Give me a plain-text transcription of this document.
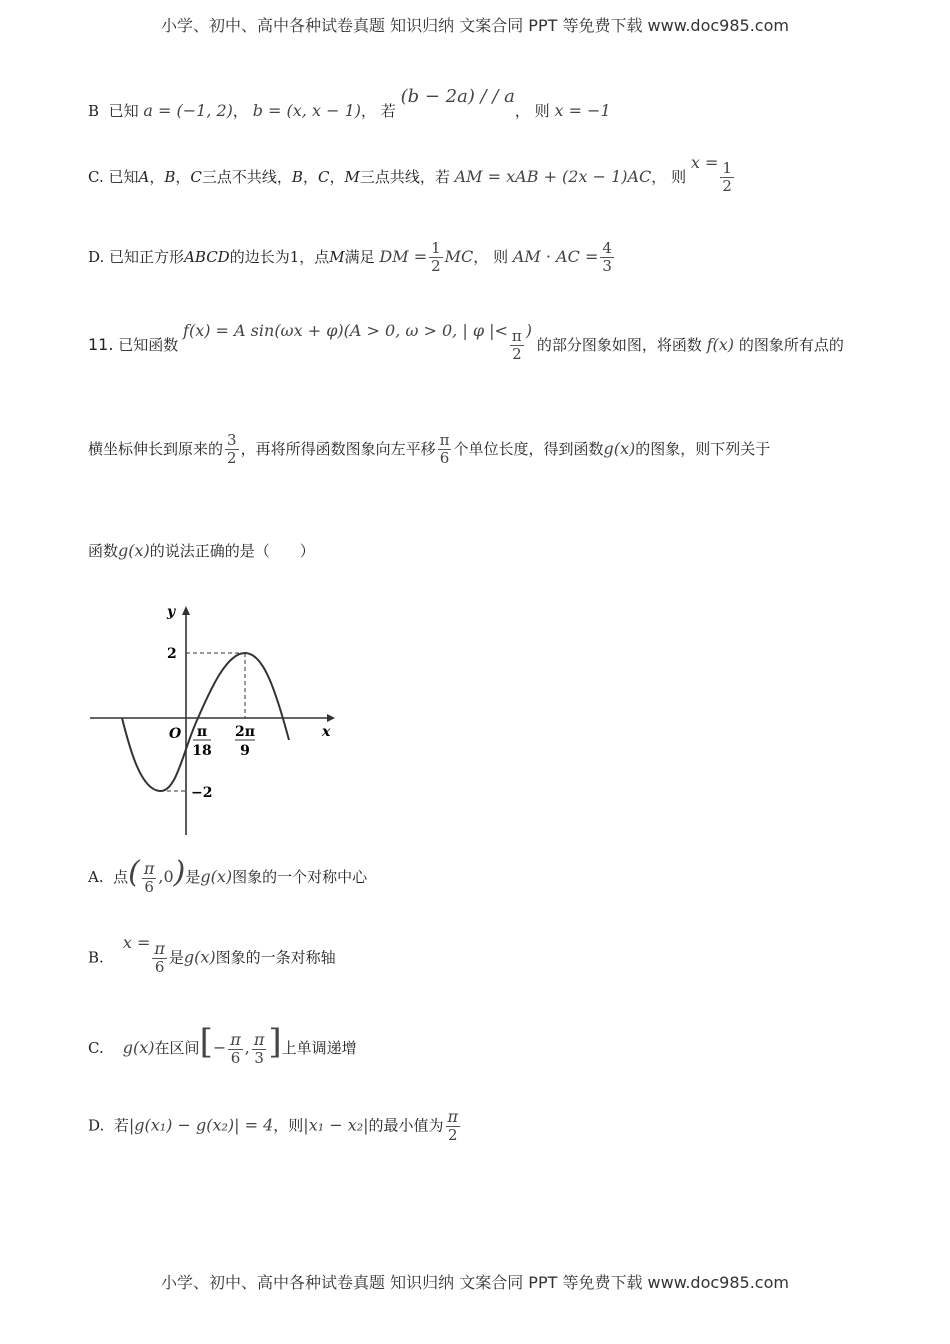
小学、初中、高中各种试卷真题 知识归纳 文案合同 PPT 等免费下载 www.doc985.com
B 已知 a = (−1, 2)， b = (x, x − 1)， 若 (b − 2a) / / a， 则 x = −1
C. 已知A，B，C三点不共线，B，C，M三点共线，若 AM = xAB + (2x − 1)AC， 则 $x = \frac{1}{2}$
D. 已知正方形ABCD的边长为1，点M满足 DM = $\frac{1}{2}$ MC， 则 AM · AC = $\frac{4}{3}$
11. 已知函数 f(x) = A sin(ωx + φ)(A > 0, ω > 0, | φ |< $\frac{\pi}{2}$ ) 的部分图象如图，将函数 f(x) 的图象所有点的
横坐标伸长到原来的 $\frac{3}{2}$ ，再将所得函数图象向左平移 $\frac{\pi}{6}$ 个单位长度，得到函数g(x)的图象，则下列关于
函数g(x)的说法正确的是（　　）
y
x
O
2
−2
π
18
2π
9
A. 点( $\frac{\pi}{6} ,0$)是g(x)图象的一个对称中心
B.    $x = \frac{\pi}{6}$ 是g(x)图象的一条对称轴
C. g(x)在区间[− $\frac{\pi}{6}$ , $\frac{\pi}{3}$ ]上单调递增
D. 若|g(x₁) − g(x₂)| = 4，则|x₁ − x₂|的最小值为 $\frac{\pi}{2}$
小学、初中、高中各种试卷真题 知识归纳 文案合同 PPT 等免费下载 www.doc985.com
